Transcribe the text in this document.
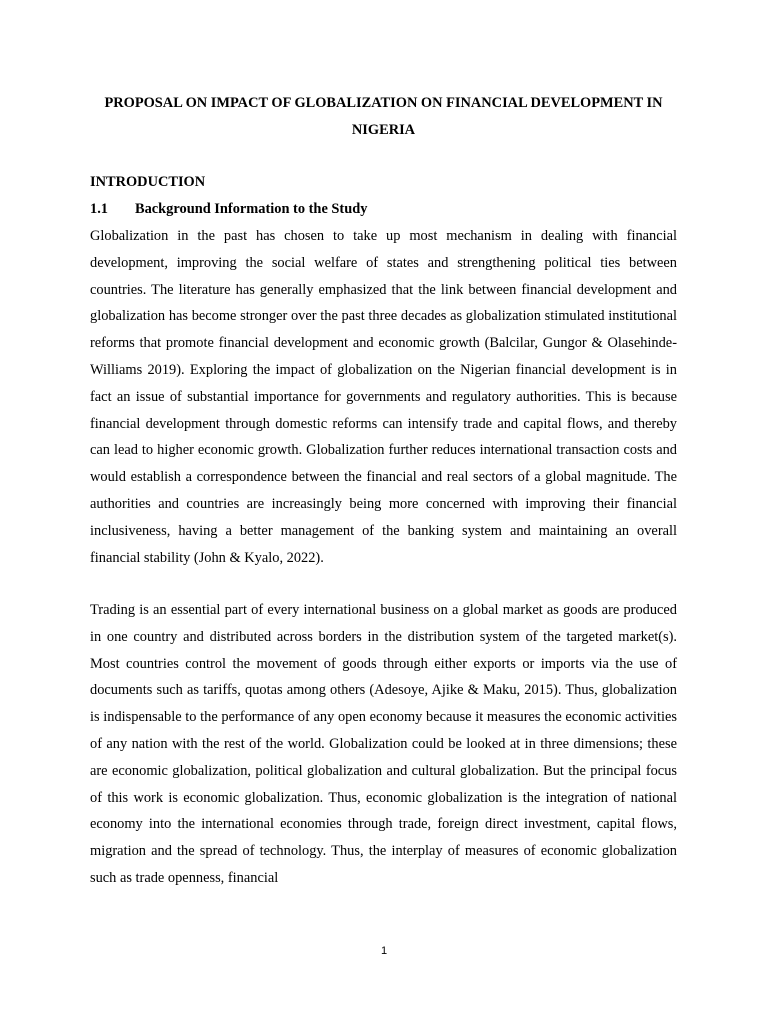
PROPOSAL ON IMPACT OF GLOBALIZATION ON FINANCIAL DEVELOPMENT IN NIGERIA
INTRODUCTION
1.1 Background Information to the Study

Globalization in the past has chosen to take up most mechanism in dealing with financial development, improving the social welfare of states and strengthening political ties between countries. The literature has generally emphasized that the link between financial development and globalization has become stronger over the past three decades as globalization stimulated institutional reforms that promote financial development and economic growth (Balcilar, Gungor & Olasehinde-Williams 2019). Exploring the impact of globalization on the Nigerian financial development is in fact an issue of substantial importance for governments and regulatory authorities. This is because financial development through domestic reforms can intensify trade and capital flows, and thereby can lead to higher economic growth. Globalization further reduces international transaction costs and would establish a correspondence between the financial and real sectors of a global magnitude. The authorities and countries are increasingly being more concerned with improving their financial inclusiveness, having a better management of the banking system and maintaining an overall financial stability (John & Kyalo, 2022).

Trading is an essential part of every international business on a global market as goods are produced in one country and distributed across borders in the distribution system of the targeted market(s). Most countries control the movement of goods through either exports or imports via the use of documents such as tariffs, quotas among others (Adesoye, Ajike & Maku, 2015). Thus, globalization is indispensable to the performance of any open economy because it measures the economic activities of any nation with the rest of the world. Globalization could be looked at in three dimensions; these are economic globalization, political globalization and cultural globalization. But the principal focus of this work is economic globalization. Thus, economic globalization is the integration of national economy into the international economies through trade, foreign direct investment, capital flows, migration and the spread of technology. Thus, the interplay of measures of economic globalization such as trade openness, financial

1
